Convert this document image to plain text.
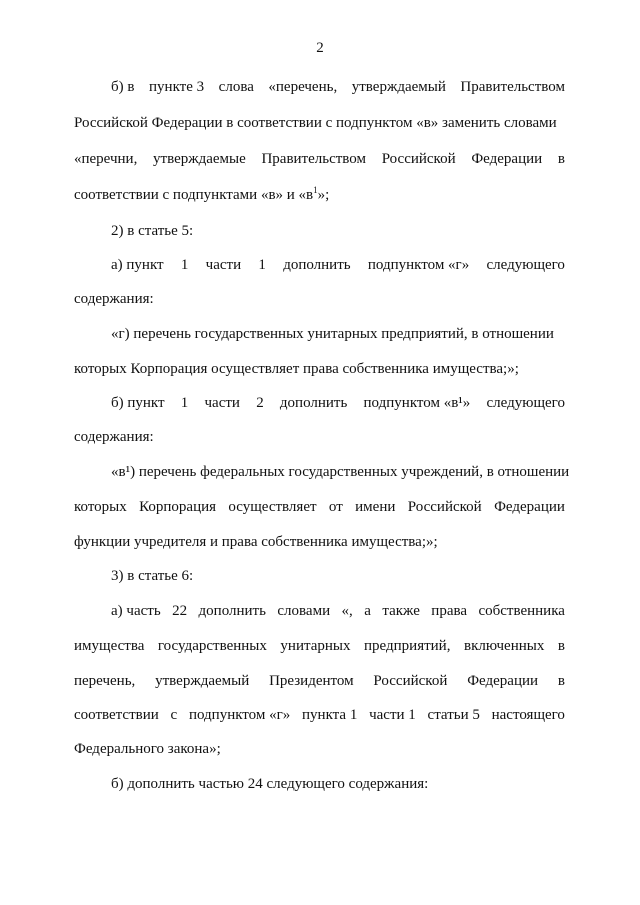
2
б) в пункте 3 слова «перечень, утверждаемый Правительством
Российской Федерации в соответствии с подпунктом «в» заменить словами
«перечни, утверждаемые Правительством Российской Федерации в
соответствии с подпунктами «в» и «$в^1$»;
2) в статье 5:
а) пункт 1 части 1 дополнить подпунктом «г» следующего
содержания:
«г) перечень государственных унитарных предприятий, в отношении
которых Корпорация осуществляет права собственника имущества;»;
б) пункт 1 части 2 дополнить подпунктом «в¹» следующего
содержания:
«в¹) перечень федеральных государственных учреждений, в отношении
которых Корпорация осуществляет от имени Российской Федерации
функции учредителя и права собственника имущества;»;
3) в статье 6:
а) часть 22 дополнить словами «, а также права собственника
имущества государственных унитарных предприятий, включенных в
перечень, утверждаемый Президентом Российской Федерации в
соответствии с подпунктом «г» пункта 1 части 1 статьи 5 настоящего
Федерального закона»;
б) дополнить частью 24 следующего содержания:
